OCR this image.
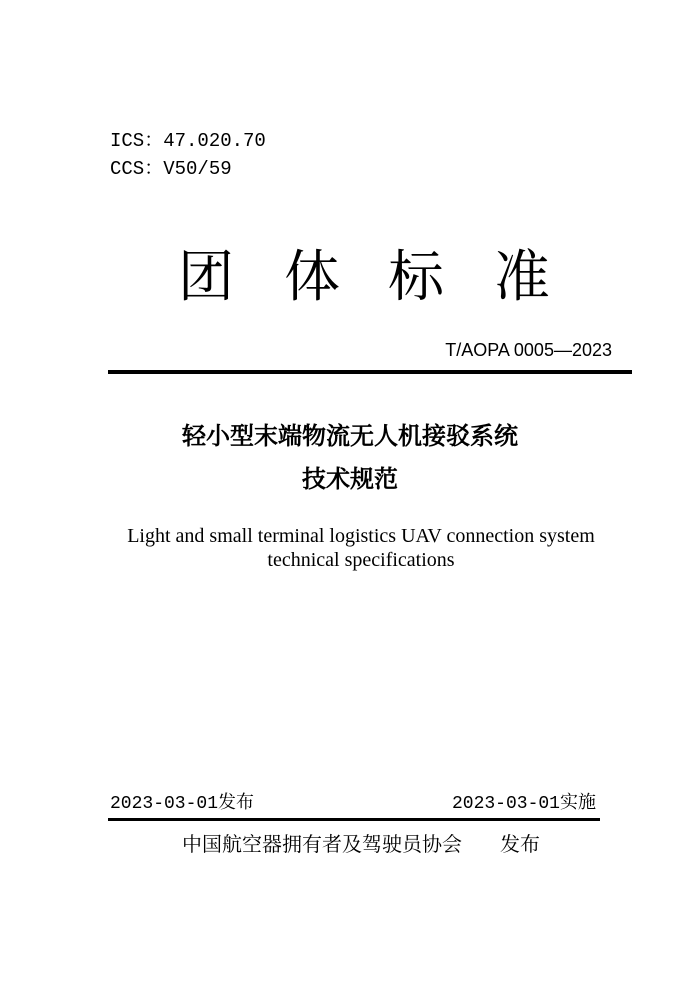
ICS：47.020.70
CCS：V50/59
团 体 标 准
T/AOPA 0005—2023
轻小型末端物流无人机接驳系统
技术规范
Light and small terminal logistics UAV connection system
technical specifications
2023-03-01发布	2023-03-01实施
中国航空器拥有者及驾驶员协会 发布
